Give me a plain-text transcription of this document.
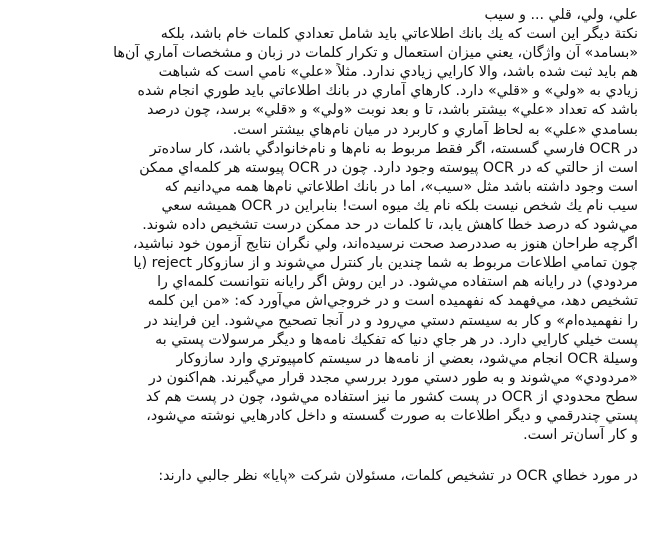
علي، ولي، قلي ... و سيب

نكتة ديگر اين است كه يك بانك اطلاعاتي بايد شامل تعدادي كلمات خام باشد، بلكه
«بسامد» آن واژگان، يعني ميزان استعمال و تكرار كلمات در زبان و مشخصات آماري آن‌ها
هم بايد ثبت شده باشد، والا كارايي زيادي ندارد. مثلاً «علي» نامي است كه شباهت
زيادي به «ولي» و «قلي» دارد. كارهاي آماري در بانك اطلاعاتي بايد طوري انجام شده
باشد كه تعداد «علي» بيشتر باشد، تا و بعد نوبت «ولي» و «قلي» برسد، چون درصد
بسامدي «علي» به لحاظ آماري و كاربرد در ميان نام‌هاي بيشتر است.
در OCR فارسي گسسته، اگر فقط مربوط به نام‌ها و نام‌خانوادگي باشد، كار ساده‌تر
است از حالتي كه در OCR پيوسته وجود دارد. چون در OCR پيوسته هر كلمه‌اي ممكن
است وجود داشته باشد مثل «سيب»، اما در بانك اطلاعاتي نام‌ها همه مي‌دانيم كه
سيب نام يك شخص نيست بلكه نام يك ميوه است! بنابراين در OCR هميشه سعي
مي‌شود كه درصد خطا كاهش يابد، تا كلمات در حد ممكن درست تشخيص داده شوند.
اگرچه طراحان هنوز به صددرصد صحت نرسيده‌اند، ولي نگران نتايج آزمون خود نباشيد،
چون تمامي اطلاعات مربوط به شما چندين بار كنترل مي‌شوند و از سازوكار reject (يا
مردودي) در رايانه هم استفاده مي‌شود. در اين روش اگر رايانه نتوانست كلمه‌اي را
تشخيص دهد، مي‌فهمد كه نفهميده است و در خروجي‌اش مي‌آورد كه: «من اين كلمه
را نفهميده‌ام» و كار به سيستم دستي مي‌رود و در آنجا تصحيح مي‌شود. اين فرايند در
پست خيلي كارايي دارد. در هر جاي دنيا كه تفكيك نامه‌ها و ديگر مرسولات پستي به
وسيلة OCR انجام مي‌شود، بعضي از نامه‌ها در سيستم كامپيوتري وارد سازوكار
«مردودي» مي‌شوند و به طور دستي مورد بررسي مجدد قرار مي‌گيرند. هم‌اكنون در
سطح محدودي از OCR در پست كشور ما نيز استفاده مي‌شود، چون در پست هم كد
پستي چندرقمي و ديگر اطلاعات به صورت گسسته و داخل كادرهايي نوشته مي‌شود،
و كار آسان‌تر است.

در مورد خطاي OCR در تشخيص كلمات، مسئولان شركت «پايا» نظر جالبي دارند:
